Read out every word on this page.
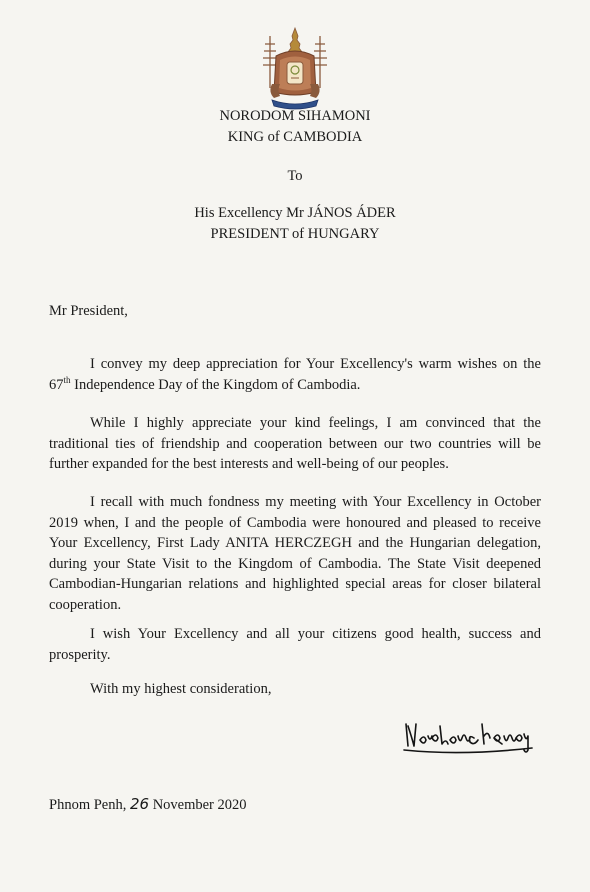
NORODOM SIHAMONI
KING of CAMBODIA
To
His Excellency Mr JÁNOS ÁDER
PRESIDENT of HUNGARY
Mr President,

I convey my deep appreciation for Your Excellency's warm wishes on the 67th Independence Day of the Kingdom of Cambodia.

While I highly appreciate your kind feelings, I am convinced that the traditional ties of friendship and cooperation between our two countries will be further expanded for the best interests and well-being of our peoples.

I recall with much fondness my meeting with Your Excellency in October 2019 when, I and the people of Cambodia were honoured and pleased to receive Your Excellency, First Lady ANITA HERCZEGH and the Hungarian delegation, during your State Visit to the Kingdom of Cambodia. The State Visit deepened Cambodian-Hungarian relations and highlighted special areas for closer bilateral cooperation.

I wish Your Excellency and all your citizens good health, success and prosperity.

With my highest consideration,
Phnom Penh, 26 November 2020
